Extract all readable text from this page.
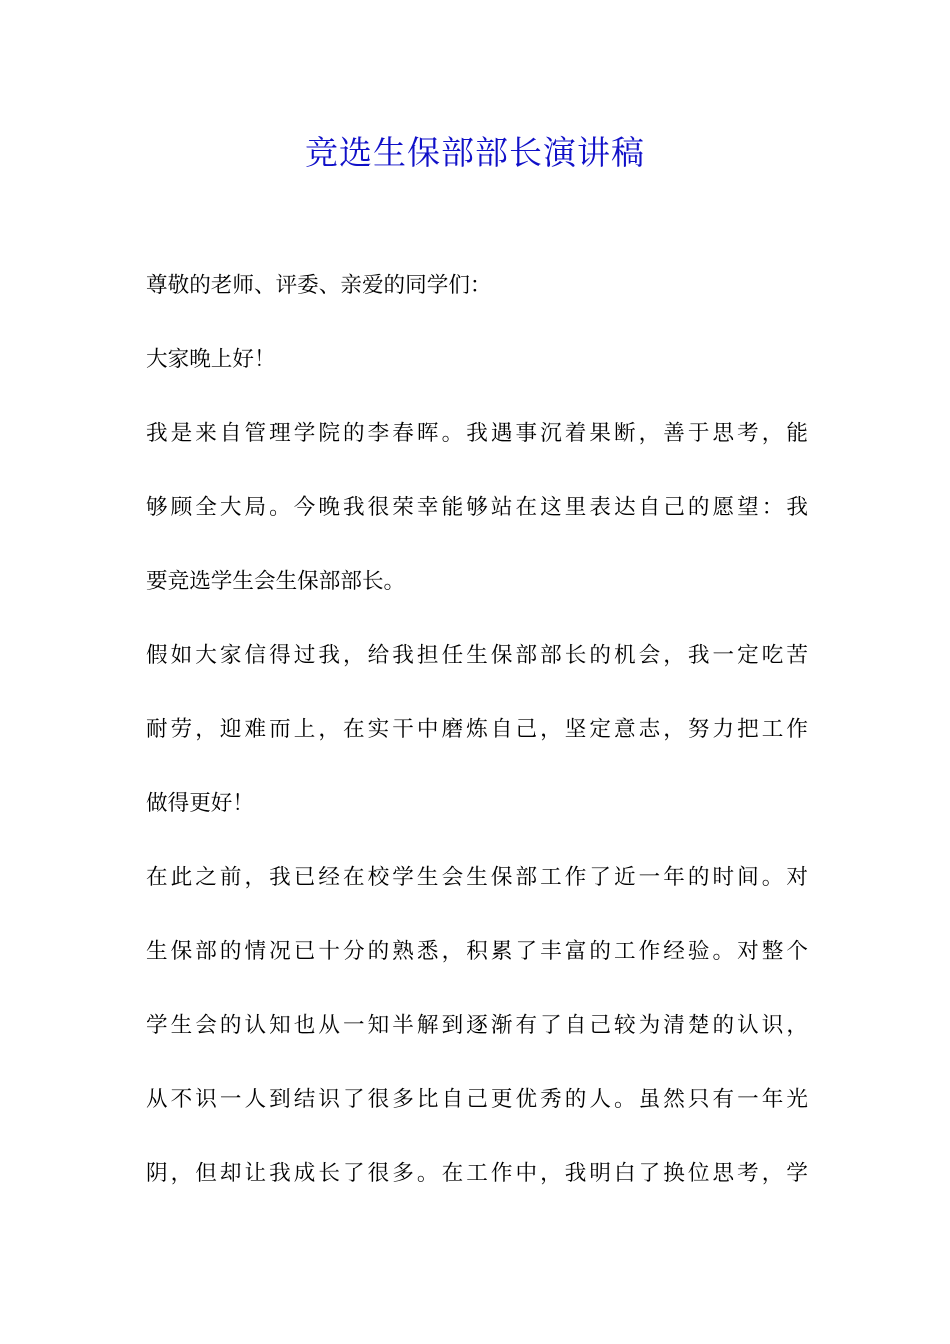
竞选生保部部长演讲稿
尊敬的老师、评委、亲爱的同学们：
大家晚上好！
我是来自管理学院的李春晖。我遇事沉着果断，善于思考，能
够顾全大局。今晚我很荣幸能够站在这里表达自己的愿望：我
要竞选学生会生保部部长。
假如大家信得过我，给我担任生保部部长的机会，我一定吃苦
耐劳，迎难而上，在实干中磨炼自己，坚定意志，努力把工作
做得更好！
在此之前，我已经在校学生会生保部工作了近一年的时间。对
生保部的情况已十分的熟悉，积累了丰富的工作经验。对整个
学生会的认知也从一知半解到逐渐有了自己较为清楚的认识，
从不识一人到结识了很多比自己更优秀的人。虽然只有一年光
阴，但却让我成长了很多。在工作中，我明白了换位思考，学
